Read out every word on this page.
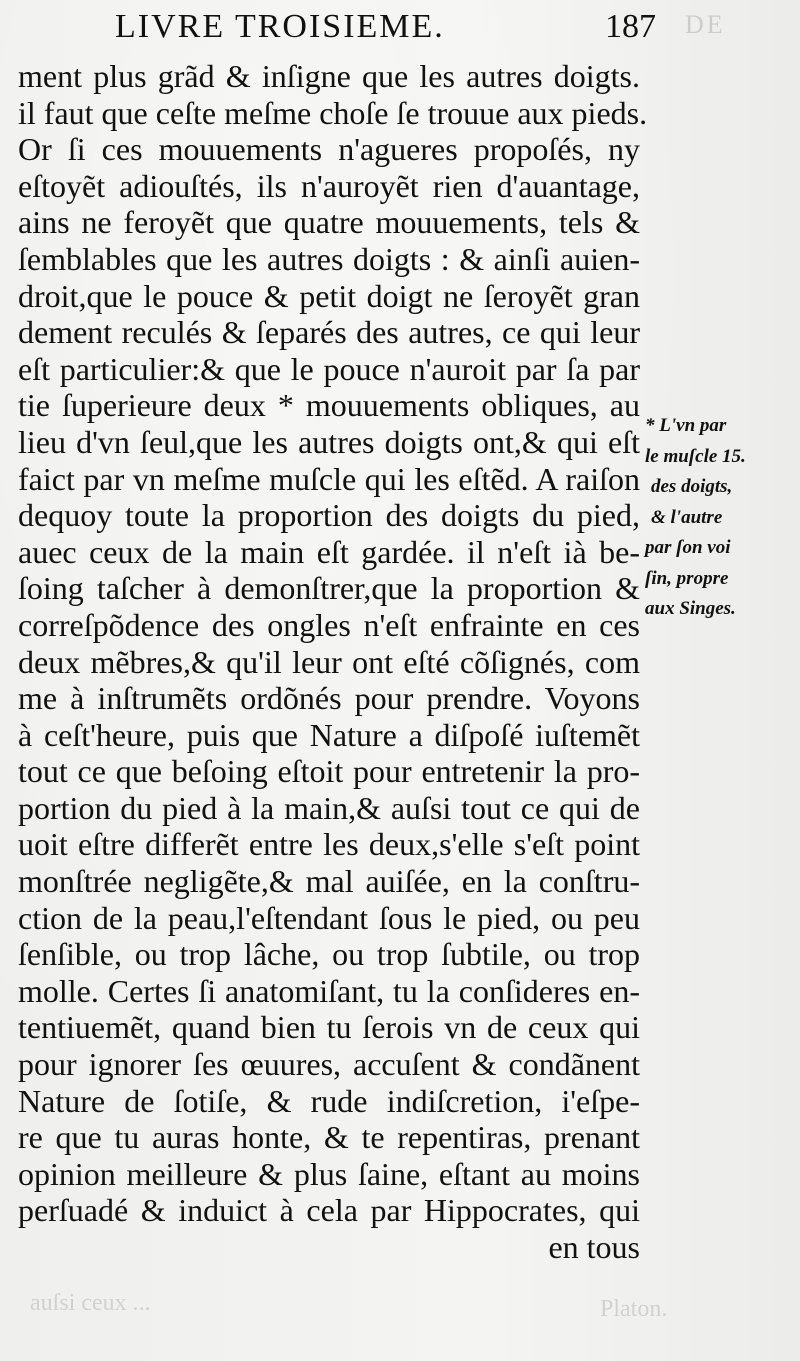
LIVRE TROISIEME.	187 DE
ment plus grãd & inſigne que les autres doigts.
il faut que ceſte meſme choſe ſe trouue aux pieds.
Or ſi ces mouuements n'agueres propoſés, ny
eſtoyẽt adiouſtés, ils n'auroyẽt rien d'auantage,
ains ne feroyẽt que quatre mouuements, tels &
ſemblables que les autres doigts : & ainſi auien-
droit,que le pouce & petit doigt ne ſeroyẽt gran
dement reculés & ſeparés des autres, ce qui leur
eſt particulier:& que le pouce n'auroit par ſa par
tie ſuperieure deux * mouuements obliques, au
lieu d'vn ſeul,que les autres doigts ont,& qui eſt
faict par vn meſme muſcle qui les eſtẽd. A raiſon
dequoy toute la proportion des doigts du pied,
auec ceux de la main eſt gardée. il n'eſt ià be-
ſoing taſcher à demonſtrer,que la proportion &
correſpõdence des ongles n'eſt enfrainte en ces
deux mẽbres,& qu'il leur ont eſté cõſignés, com
me à inſtrumẽts ordõnés pour prendre. Voyons
à ceſt'heure, puis que Nature a diſpoſé iuſtemẽt
tout ce que beſoing eſtoit pour entretenir la pro-
portion du pied à la main,& auſsi tout ce qui de
uoit eſtre differẽt entre les deux,s'elle s'eſt point
monſtrée negligẽte,& mal auiſée, en la conſtru-
ction de la peau,l'eſtendant ſous le pied, ou peu
ſenſible, ou trop lâche, ou trop ſubtile, ou trop
molle. Certes ſi anatomiſant, tu la conſideres en-
tentiuemẽt, quand bien tu ſerois vn de ceux qui
pour ignorer ſes œuures, accuſent & condãnent
Nature de ſotiſe, & rude indiſcretion, i'eſpe-
re que tu auras honte, & te repentiras, prenant
opinion meilleure & plus ſaine, eſtant au moins
perſuadé & induict à cela par Hippocrates, qui
en tous
* L'vn par
le muſcle 15.
des doigts,
& l'autre
par ſon voi
ſin, propre
aux Singes.
auſsi ceux ...	Platon.
